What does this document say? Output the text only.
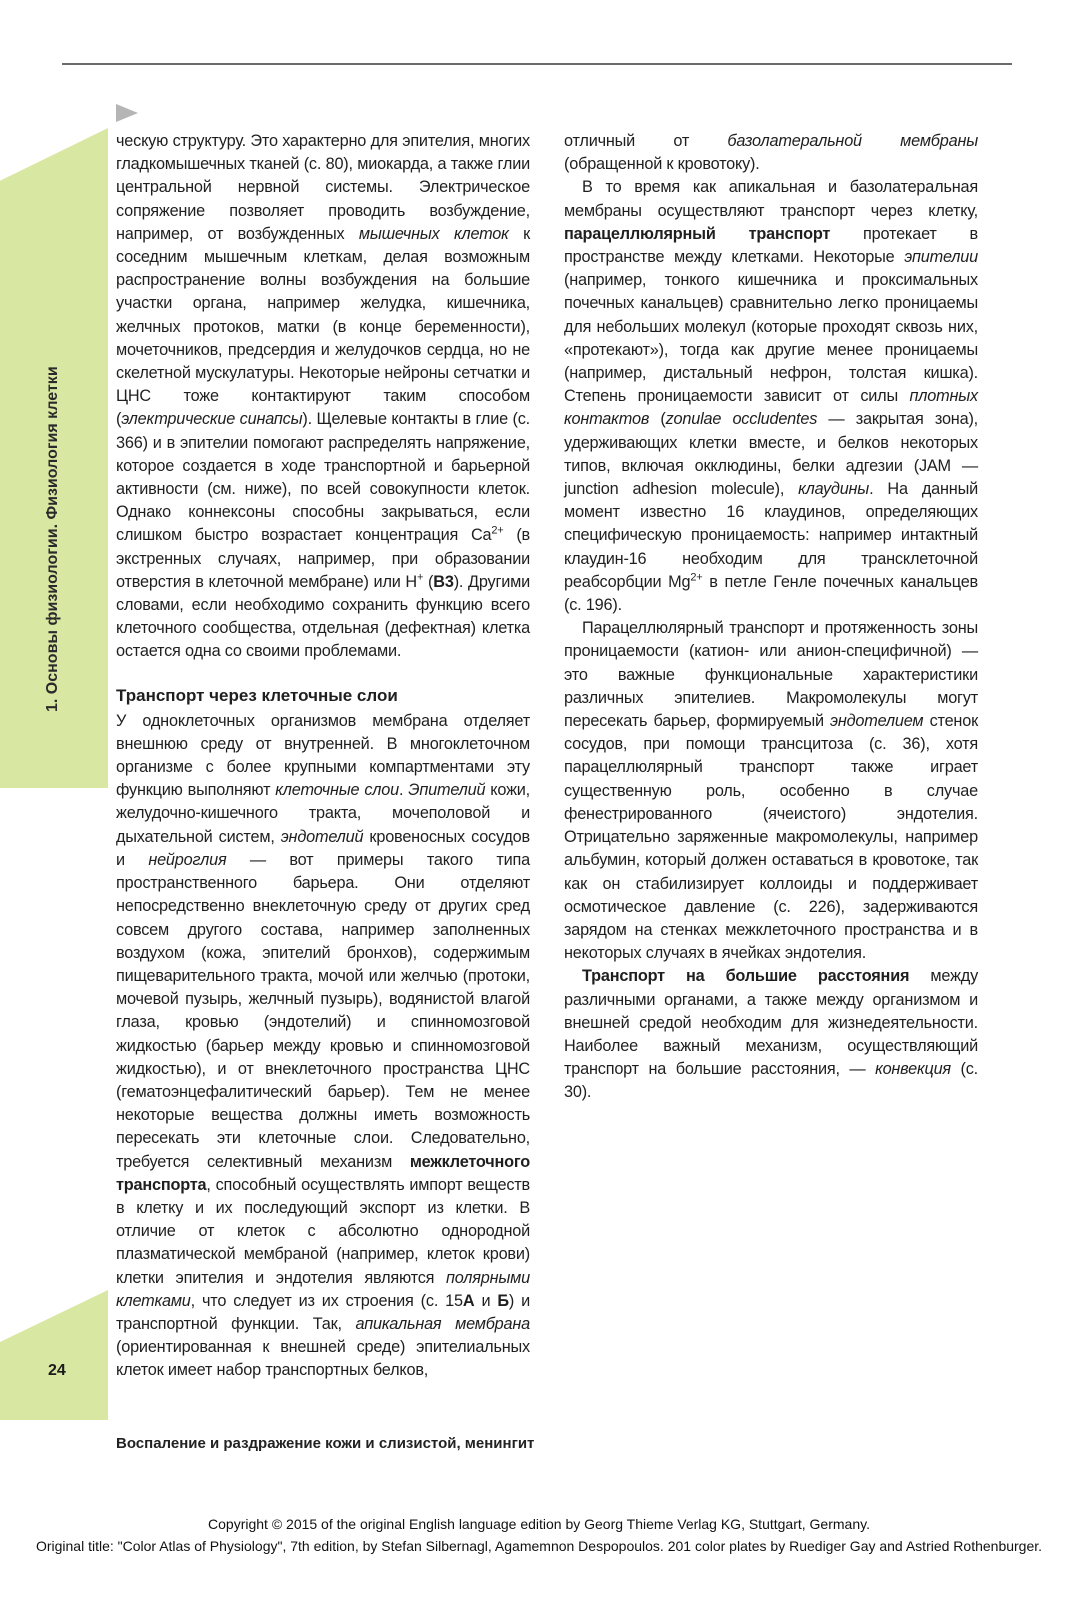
1. Основы физиологии. Физиология клетки
24

ческую структуру. Это характерно для эпителия, многих гладкомышечных тканей (с. 80), миокарда, а также глии центральной нервной системы. Электрическое сопряжение позволяет проводить возбуждение, например, от возбужденных мышечных клеток к соседним мышечным клеткам, делая возможным распространение волны возбуждения на большие участки органа, например желудка, кишечника, желчных протоков, матки (в конце беременности), мочеточников, предсердия и желудочков сердца, но не скелетной мускулатуры. Некоторые нейроны сетчатки и ЦНС тоже контактируют таким способом (электрические синапсы). Щелевые контакты в глие (с. 366) и в эпителии помогают распределять напряжение, которое создается в ходе транспортной и барьерной активности (см. ниже), по всей совокупности клеток. Однако коннексоны способны закрываться, если слишком быстро возрастает концентрация $Ca^{2+}$ (в экстренных случаях, например, при образовании отверстия в клеточной мембране) или H+ (B3). Другими словами, если необходимо сохранить функцию всего клеточного сообщества, отдельная (дефектная) клетка остается одна со своими проблемами.

Транспорт через клеточные слои

У одноклеточных организмов мембрана отделяет внешнюю среду от внутренней. В многоклеточном организме с более крупными компартментами эту функцию выполняют клеточные слои. Эпителий кожи, желудочно-кишечного тракта, мочеполовой и дыхательной систем, эндотелий кровеносных сосудов и нейроглия — вот примеры такого типа пространственного барьера. Они отделяют непосредственно внеклеточную среду от других сред совсем другого состава, например заполненных воздухом (кожа, эпителий бронхов), содержимым пищеварительного тракта, мочой или желчью (протоки, мочевой пузырь, желчный пузырь), водянистой влагой глаза, кровью (эндотелий) и спинномозговой жидкостью (барьер между кровью и спинномозговой жидкостью), и от внеклеточного пространства ЦНС (гематоэнцефалитический барьер). Тем не менее некоторые вещества должны иметь возможность пересекать эти клеточные слои. Следовательно, требуется селективный механизм межклеточного транспорта, способный осуществлять импорт веществ в клетку и их последующий экспорт из клетки. В отличие от клеток с абсолютно однородной плазматической мембраной (например, клеток крови) клетки эпителия и эндотелия являются полярными клетками, что следует из их строения (с. 15А и Б) и транспортной функции. Так, апикальная мембрана (ориентированная к внешней среде) эпителиальных клеток имеет набор транспортных белков,

отличный от базолатеральной мембраны (обращенной к кровотоку).

В то время как апикальная и базолатеральная мембраны осуществляют транспорт через клетку, парацеллюлярный транспорт протекает в пространстве между клетками. Некоторые эпителии (например, тонкого кишечника и проксимальных почечных канальцев) сравнительно легко проницаемы для небольших молекул (которые проходят сквозь них, «протекают»), тогда как другие менее проницаемы (например, дистальный нефрон, толстая кишка). Степень проницаемости зависит от силы плотных контактов (zonulae occludentes — закрытая зона), удерживающих клетки вместе, и белков некоторых типов, включая окклюдины, белки адгезии (JAM — junction adhesion molecule), клаудины. На данный момент известно 16 клаудинов, определяющих специфическую проницаемость: например интактный клаудин-16 необходим для трансклеточной реабсорбции $Mg^{2+}$ в петле Генле почечных канальцев (с. 196).

Парацеллюлярный транспорт и протяженность зоны проницаемости (катион- или анион-специфичной) — это важные функциональные характеристики различных эпителиев. Макромолекулы могут пересекать барьер, формируемый эндотелием стенок сосудов, при помощи трансцитоза (с. 36), хотя парацеллюлярный транспорт также играет существенную роль, особенно в случае фенестрированного (ячеистого) эндотелия. Отрицательно заряженные макромолекулы, например альбумин, который должен оставаться в кровотоке, так как он стабилизирует коллоиды и поддерживает осмотическое давление (с. 226), задерживаются зарядом на стенках межклеточного пространства и в некоторых случаях в ячейках эндотелия.

Транспорт на большие расстояния между различными органами, а также между организмом и внешней средой необходим для жизнедеятельности. Наиболее важный механизм, осуществляющий транспорт на большие расстояния, — конвекция (с. 30).

Воспаление и раздражение кожи и слизистой, менингит
Copyright © 2015 of the original English language edition by Georg Thieme Verlag KG, Stuttgart, Germany.
Original title: "Color Atlas of Physiology", 7th edition, by Stefan Silbernagl, Agamemnon Despopoulos. 201 color plates by Ruediger Gay and Astried Rothenburger.
